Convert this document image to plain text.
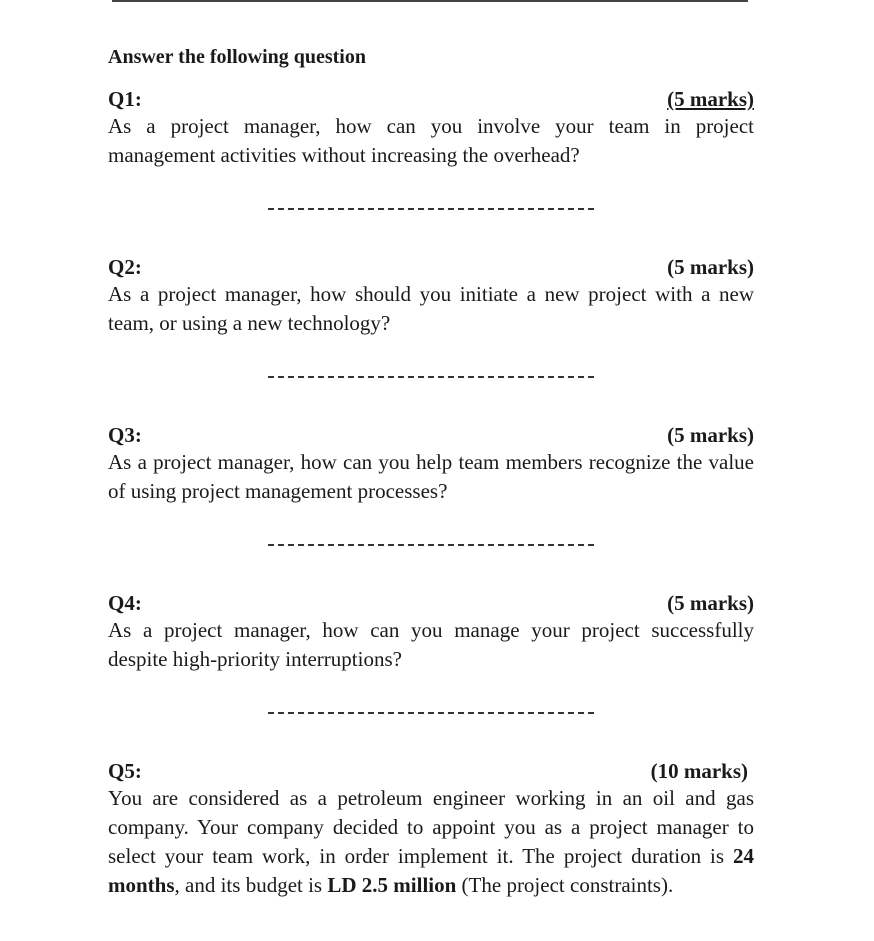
Answer the following question

Q1:	(5 marks)

As a project manager, how can you involve your team in project management activities without increasing the overhead?

Q2:	(5 marks)

As a project manager, how should you initiate a new project with a new team, or using a new technology?

Q3:	(5 marks)

As a project manager, how can you help team members recognize the value of using project management processes?

Q4:	(5 marks)

As a project manager, how can you manage your project successfully despite high-priority interruptions?

Q5:	(10 marks)

You are considered as a petroleum engineer working in an oil and gas company. Your company decided to appoint you as a project manager to select your team work, in order implement it. The project duration is 24 months, and its budget is LD 2.5 million (The project constraints).
